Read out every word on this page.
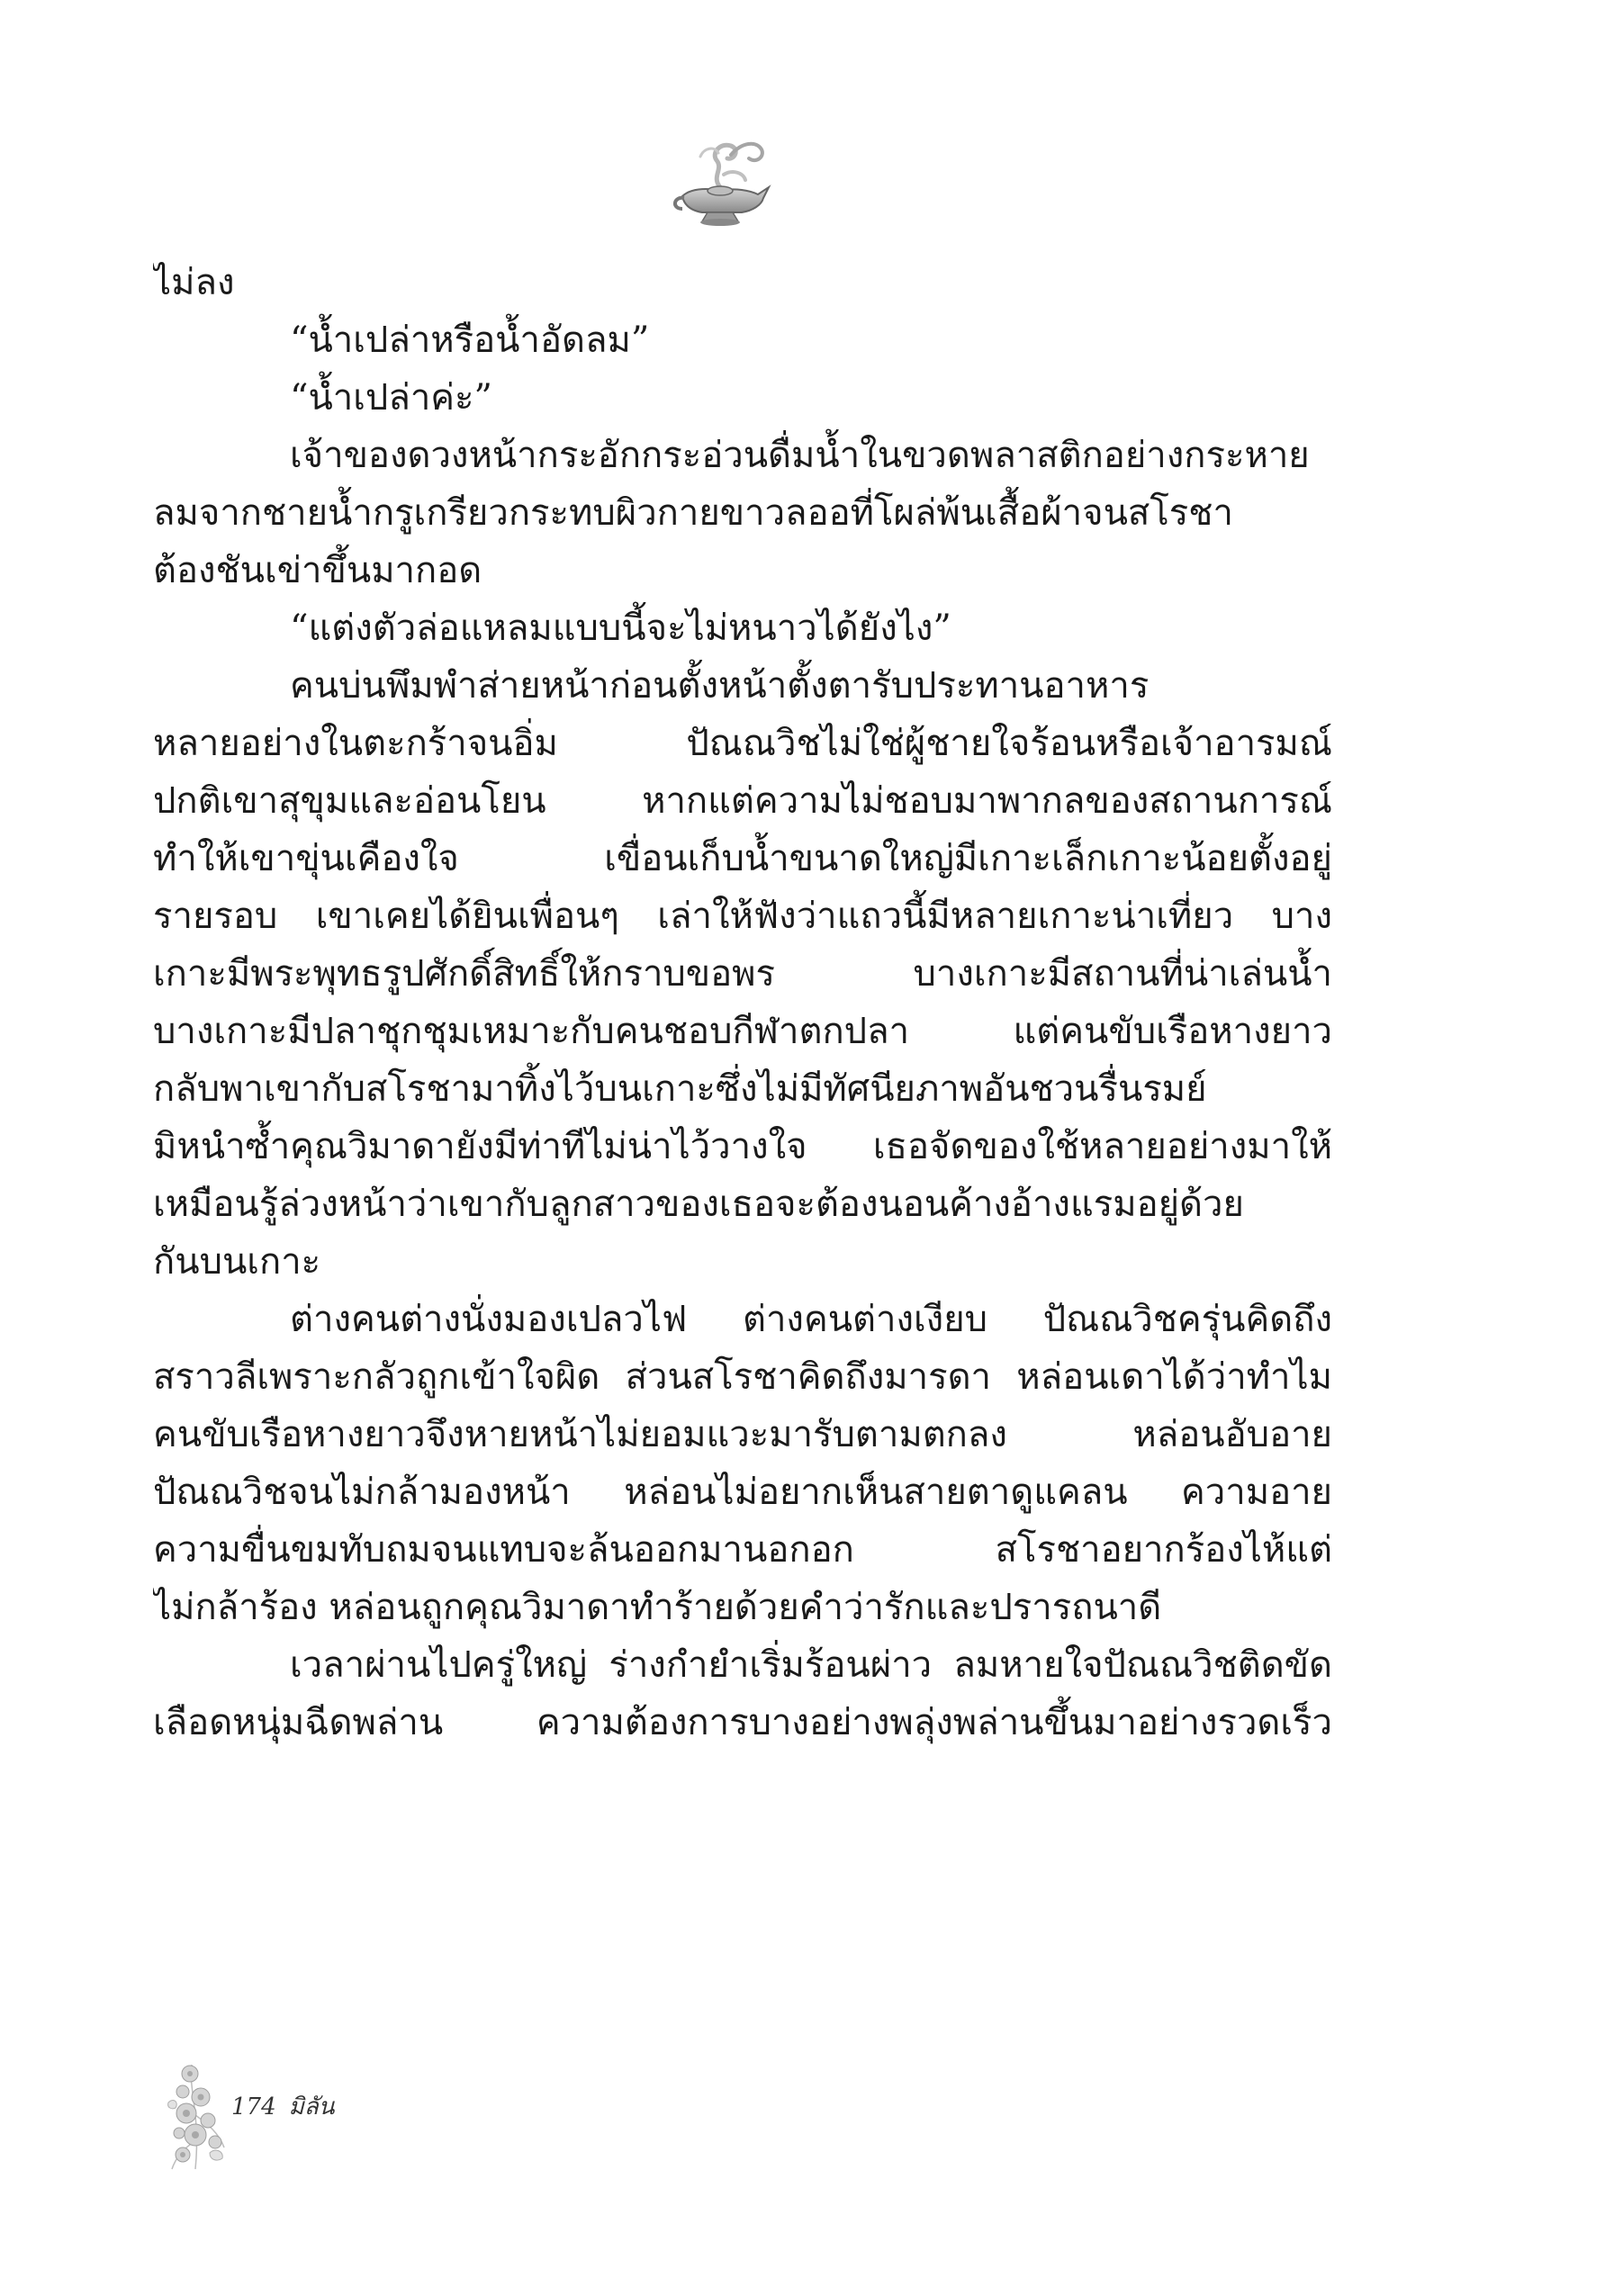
ไม่ลง

“น้ำเปล่าหรือน้ำอัดลม”

“น้ำเปล่าค่ะ”

เจ้าของดวงหน้ากระอักกระอ่วนดื่มน้ำในขวดพลาสติกอย่างกระหาย

ลมจากชายน้ำกรูเกรียวกระทบผิวกายขาวลออที่โผล่พ้นเสื้อผ้าจนสโรชา

ต้องชันเข่าขึ้นมากอด

“แต่งตัวล่อแหลมแบบนี้จะไม่หนาวได้ยังไง”

คนบ่นพึมพำส่ายหน้าก่อนตั้งหน้าตั้งตารับประทานอาหาร

หลายอย่างในตะกร้าจนอิ่ม ปัณณวิชไม่ใช่ผู้ชายใจร้อนหรือเจ้าอารมณ์

ปกติเขาสุขุมและอ่อนโยน หากแต่ความไม่ชอบมาพากลของสถานการณ์

ทำให้เขาขุ่นเคืองใจ เขื่อนเก็บน้ำขนาดใหญ่มีเกาะเล็กเกาะน้อยตั้งอยู่

รายรอบ เขาเคยได้ยินเพื่อนๆ เล่าให้ฟังว่าแถวนี้มีหลายเกาะน่าเที่ยว บาง

เกาะมีพระพุทธรูปศักดิ์สิทธิ์ให้กราบขอพร บางเกาะมีสถานที่น่าเล่นน้ำ

บางเกาะมีปลาชุกชุมเหมาะกับคนชอบกีฬาตกปลา แต่คนขับเรือหางยาว

กลับพาเขากับสโรชามาทิ้งไว้บนเกาะซึ่งไม่มีทัศนียภาพอันชวนรื่นรมย์

มิหนำซ้ำคุณวิมาดายังมีท่าทีไม่น่าไว้วางใจ เธอจัดของใช้หลายอย่างมาให้

เหมือนรู้ล่วงหน้าว่าเขากับลูกสาวของเธอจะต้องนอนค้างอ้างแรมอยู่ด้วย

กันบนเกาะ

ต่างคนต่างนั่งมองเปลวไฟ ต่างคนต่างเงียบ ปัณณวิชครุ่นคิดถึง

สราวลีเพราะกลัวถูกเข้าใจผิด ส่วนสโรชาคิดถึงมารดา หล่อนเดาได้ว่าทำไม

คนขับเรือหางยาวจึงหายหน้าไม่ยอมแวะมารับตามตกลง หล่อนอับอาย

ปัณณวิชจนไม่กล้ามองหน้า หล่อนไม่อยากเห็นสายตาดูแคลน ความอาย

ความขื่นขมทับถมจนแทบจะล้นออกมานอกอก สโรชาอยากร้องไห้แต่

ไม่กล้าร้อง หล่อนถูกคุณวิมาดาทำร้ายด้วยคำว่ารักและปรารถนาดี

เวลาผ่านไปครู่ใหญ่ ร่างกำยำเริ่มร้อนผ่าว ลมหายใจปัณณวิชติดขัด

เลือดหนุ่มฉีดพล่าน ความต้องการบางอย่างพลุ่งพล่านขึ้นมาอย่างรวดเร็ว

174 มิลัน
